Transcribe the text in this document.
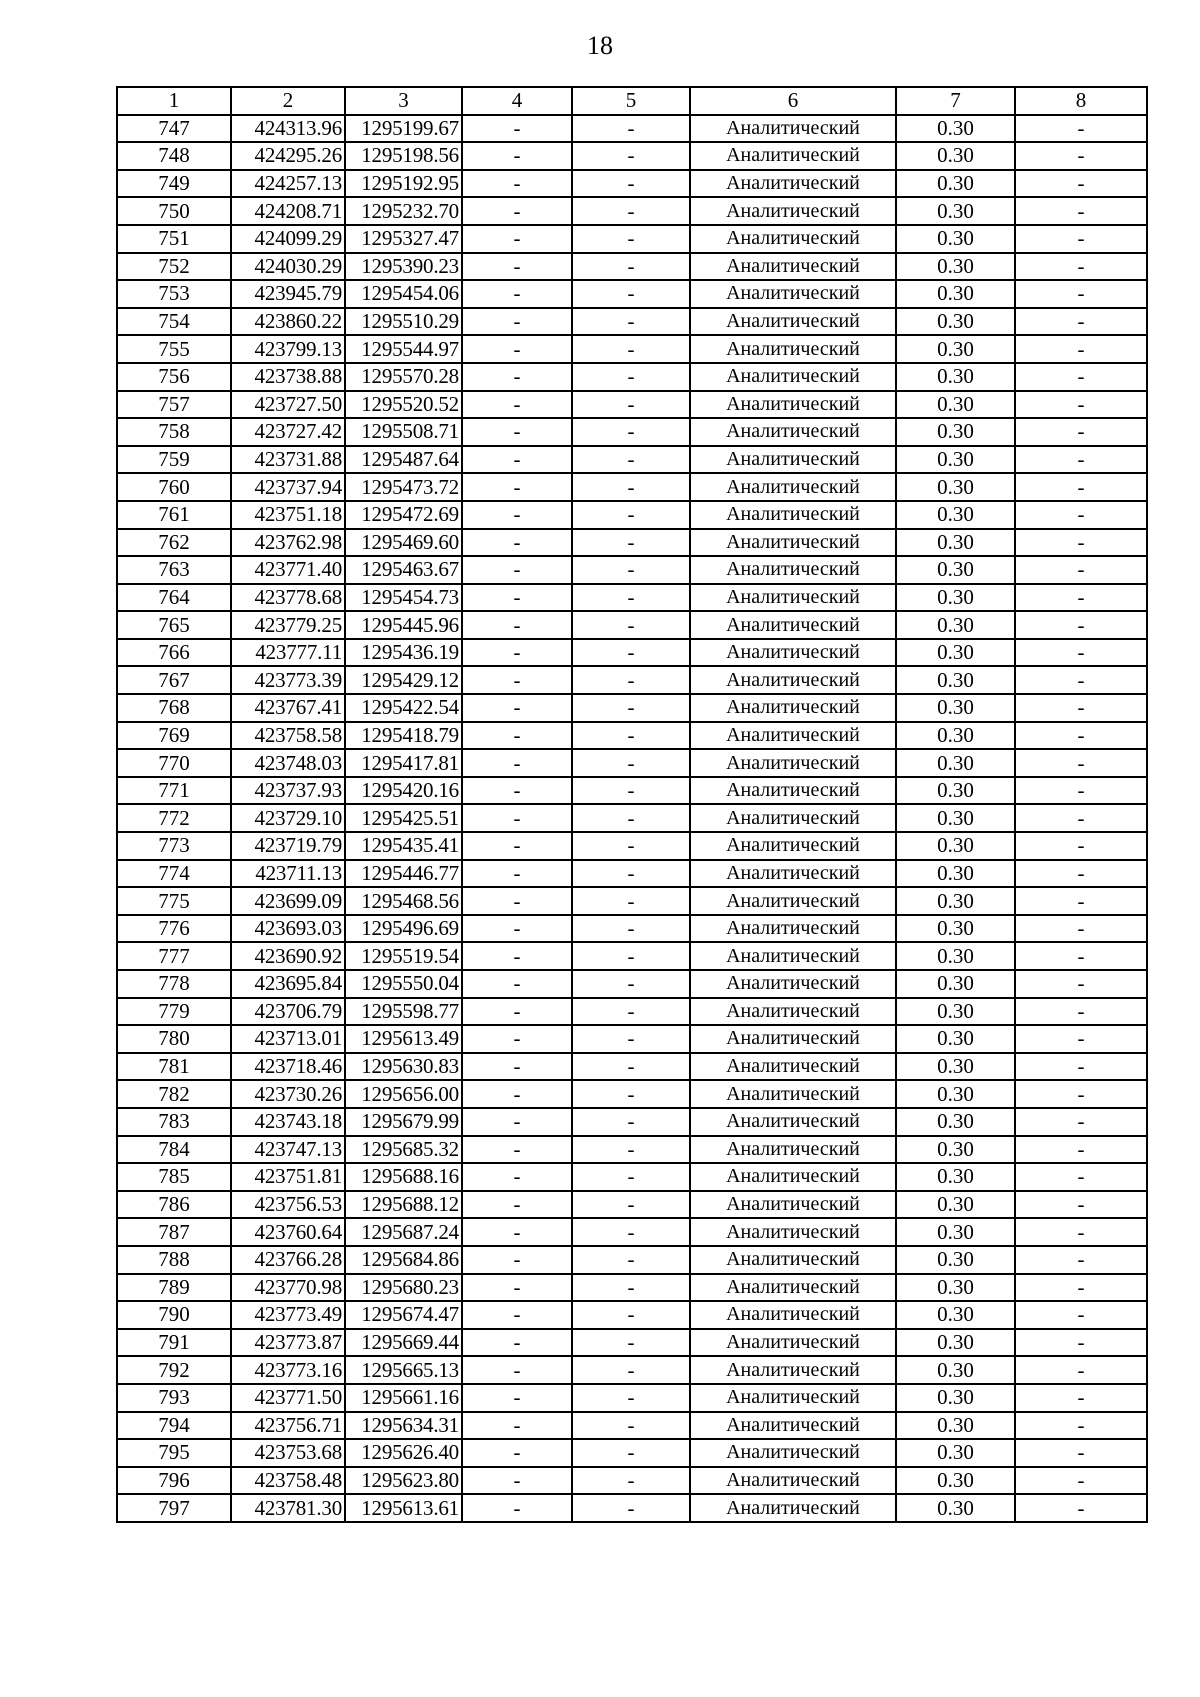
18
1	2	3	4	5	6	7	8
747	424313.96	1295199.67	-	-	Аналитический	0.30	-
748	424295.26	1295198.56	-	-	Аналитический	0.30	-
749	424257.13	1295192.95	-	-	Аналитический	0.30	-
750	424208.71	1295232.70	-	-	Аналитический	0.30	-
751	424099.29	1295327.47	-	-	Аналитический	0.30	-
752	424030.29	1295390.23	-	-	Аналитический	0.30	-
753	423945.79	1295454.06	-	-	Аналитический	0.30	-
754	423860.22	1295510.29	-	-	Аналитический	0.30	-
755	423799.13	1295544.97	-	-	Аналитический	0.30	-
756	423738.88	1295570.28	-	-	Аналитический	0.30	-
757	423727.50	1295520.52	-	-	Аналитический	0.30	-
758	423727.42	1295508.71	-	-	Аналитический	0.30	-
759	423731.88	1295487.64	-	-	Аналитический	0.30	-
760	423737.94	1295473.72	-	-	Аналитический	0.30	-
761	423751.18	1295472.69	-	-	Аналитический	0.30	-
762	423762.98	1295469.60	-	-	Аналитический	0.30	-
763	423771.40	1295463.67	-	-	Аналитический	0.30	-
764	423778.68	1295454.73	-	-	Аналитический	0.30	-
765	423779.25	1295445.96	-	-	Аналитический	0.30	-
766	423777.11	1295436.19	-	-	Аналитический	0.30	-
767	423773.39	1295429.12	-	-	Аналитический	0.30	-
768	423767.41	1295422.54	-	-	Аналитический	0.30	-
769	423758.58	1295418.79	-	-	Аналитический	0.30	-
770	423748.03	1295417.81	-	-	Аналитический	0.30	-
771	423737.93	1295420.16	-	-	Аналитический	0.30	-
772	423729.10	1295425.51	-	-	Аналитический	0.30	-
773	423719.79	1295435.41	-	-	Аналитический	0.30	-
774	423711.13	1295446.77	-	-	Аналитический	0.30	-
775	423699.09	1295468.56	-	-	Аналитический	0.30	-
776	423693.03	1295496.69	-	-	Аналитический	0.30	-
777	423690.92	1295519.54	-	-	Аналитический	0.30	-
778	423695.84	1295550.04	-	-	Аналитический	0.30	-
779	423706.79	1295598.77	-	-	Аналитический	0.30	-
780	423713.01	1295613.49	-	-	Аналитический	0.30	-
781	423718.46	1295630.83	-	-	Аналитический	0.30	-
782	423730.26	1295656.00	-	-	Аналитический	0.30	-
783	423743.18	1295679.99	-	-	Аналитический	0.30	-
784	423747.13	1295685.32	-	-	Аналитический	0.30	-
785	423751.81	1295688.16	-	-	Аналитический	0.30	-
786	423756.53	1295688.12	-	-	Аналитический	0.30	-
787	423760.64	1295687.24	-	-	Аналитический	0.30	-
788	423766.28	1295684.86	-	-	Аналитический	0.30	-
789	423770.98	1295680.23	-	-	Аналитический	0.30	-
790	423773.49	1295674.47	-	-	Аналитический	0.30	-
791	423773.87	1295669.44	-	-	Аналитический	0.30	-
792	423773.16	1295665.13	-	-	Аналитический	0.30	-
793	423771.50	1295661.16	-	-	Аналитический	0.30	-
794	423756.71	1295634.31	-	-	Аналитический	0.30	-
795	423753.68	1295626.40	-	-	Аналитический	0.30	-
796	423758.48	1295623.80	-	-	Аналитический	0.30	-
797	423781.30	1295613.61	-	-	Аналитический	0.30	-
